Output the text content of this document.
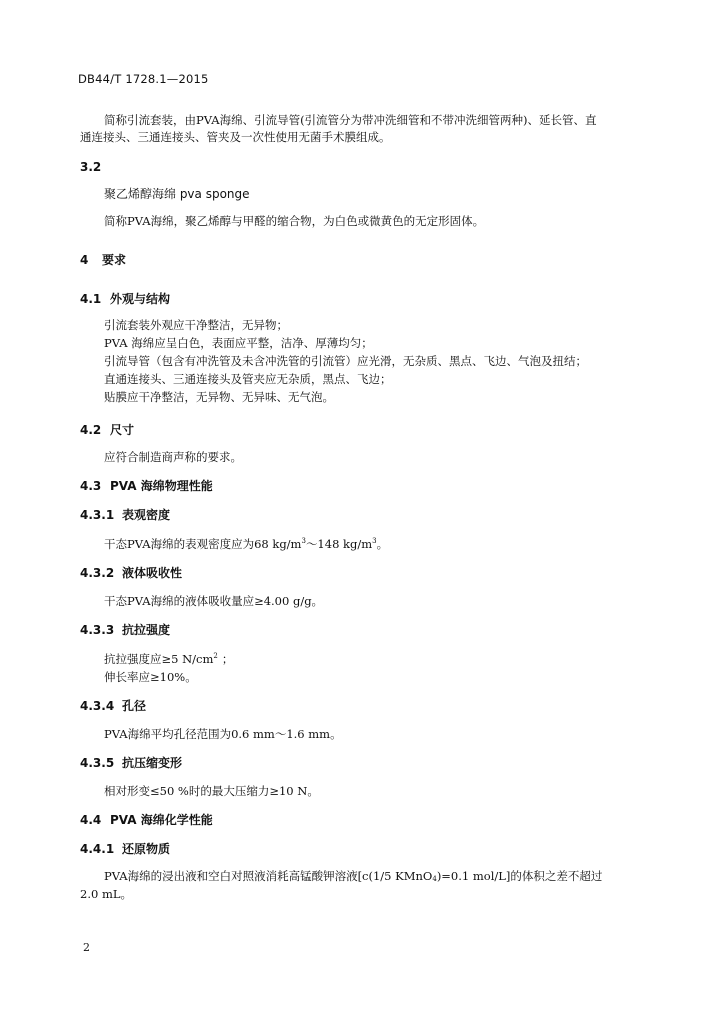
DB44/T 1728.1—2015
简称引流套装，由PVA海绵、引流导管(引流管分为带冲洗细管和不带冲洗细管两种)、延长管、直
通连接头、三通连接头、管夹及一次性使用无菌手术膜组成。
3.2
聚乙烯醇海绵 pva sponge
简称PVA海绵，聚乙烯醇与甲醛的缩合物，为白色或微黄色的无定形固体。
4 要求
4.1 外观与结构
引流套装外观应干净整洁，无异物；
PVA 海绵应呈白色，表面应平整，洁净、厚薄均匀；
引流导管（包含有冲洗管及未含冲洗管的引流管）应光滑，无杂质、黑点、飞边、气泡及扭结；
直通连接头、三通连接头及管夹应无杂质，黑点、飞边；
贴膜应干净整洁，无异物、无异味、无气泡。
4.2 尺寸
应符合制造商声称的要求。
4.3 PVA 海绵物理性能
4.3.1 表观密度
干态PVA海绵的表观密度应为68 $kg/m^3\sim 148$ $kg/m^3$。
4.3.2 液体吸收性
干态PVA海绵的液体吸收量应≥4.00 g/g。
4.3.3 抗拉强度
抗拉强度应≥5 $N/cm^2$ ；
伸长率应≥10%。
4.3.4 孔径
PVA海绵平均孔径范围为0.6 mm～1.6 mm。
4.3.5 抗压缩变形
相对形变≤50 %时的最大压缩力≥10 N。
4.4 PVA 海绵化学性能
4.4.1 还原物质
PVA海绵的浸出液和空白对照液消耗高锰酸钾溶液[c(1/5 KMnO$_4$)=0.1 mol/L]的体积之差不超过
2.0 mL。
2
